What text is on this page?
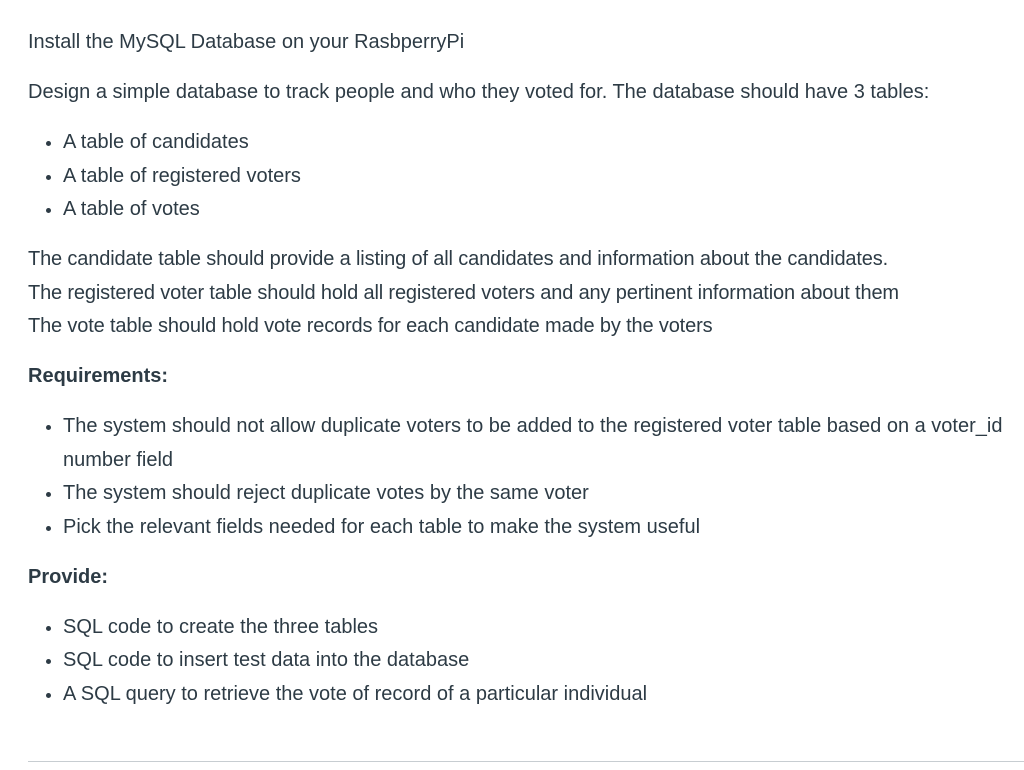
Install the MySQL Database on your RasbperryPi

Design a simple database to track people and who they voted for. The database should have 3 tables:

• A table of candidates
• A table of registered voters
• A table of votes
The candidate table should provide a listing of all candidates and information about the candidates.
The registered voter table should hold all registered voters and any pertinent information about them
The vote table should hold vote records for each candidate made by the voters

Requirements:

• The system should not allow duplicate voters to be added to the registered voter table based on a voter_id number field
• The system should reject duplicate votes by the same voter
• Pick the relevant fields needed for each table to make the system useful

Provide:

• SQL code to create the three tables
• SQL code to insert test data into the database
• A SQL query to retrieve the vote of record of a particular individual
